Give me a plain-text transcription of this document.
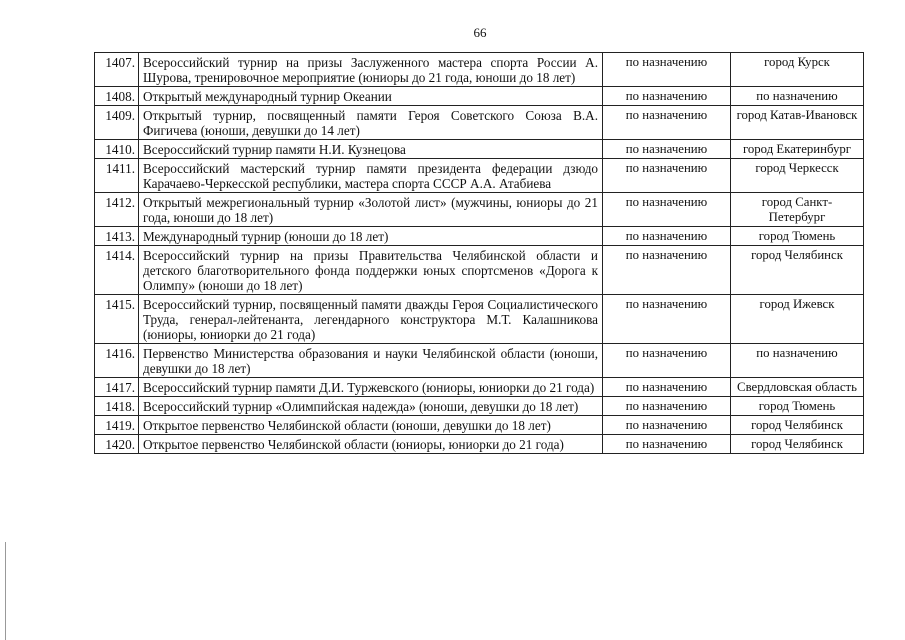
66
1407.	Всероссийский турнир на призы Заслуженного мастера спорта России А. Шурова, тренировочное мероприятие (юниоры до 21 года, юноши до 18 лет)	по назначению	город Курск
1408.	Открытый международный турнир Океании	по назначению	по назначению
1409.	Открытый турнир, посвященный памяти Героя Советского Союза В.А. Фигичева (юноши, девушки до 14 лет)	по назначению	город Катав-Ивановск
1410.	Всероссийский турнир памяти Н.И. Кузнецова	по назначению	город Екатеринбург
1411.	Всероссийский мастерский турнир памяти президента федерации дзюдо Карачаево-Черкесской республики, мастера спорта СССР А.А. Атабиева	по назначению	город Черкесск
1412.	Открытый межрегиональный турнир «Золотой лист» (мужчины, юниоры до 21 года, юноши до 18 лет)	по назначению	город Санкт-Петербург
1413.	Международный турнир (юноши до 18 лет)	по назначению	город Тюмень
1414.	Всероссийский турнир на призы Правительства Челябинской области и детского благотворительного фонда поддержки юных спортсменов «Дорога к Олимпу» (юноши до 18 лет)	по назначению	город Челябинск
1415.	Всероссийский турнир, посвященный памяти дважды Героя Социалистического Труда, генерал-лейтенанта, легендарного конструктора М.Т. Калашникова (юниоры, юниорки до 21 года)	по назначению	город Ижевск
1416.	Первенство Министерства образования и науки Челябинской области (юноши, девушки до 18 лет)	по назначению	по назначению
1417.	Всероссийский турнир памяти Д.И. Туржевского (юниоры, юниорки до 21 года)	по назначению	Свердловская область
1418.	Всероссийский турнир «Олимпийская надежда» (юноши, девушки до 18 лет)	по назначению	город Тюмень
1419.	Открытое первенство Челябинской области (юноши, девушки до 18 лет)	по назначению	город Челябинск
1420.	Открытое первенство Челябинской области (юниоры, юниорки до 21 года)	по назначению	город Челябинск
